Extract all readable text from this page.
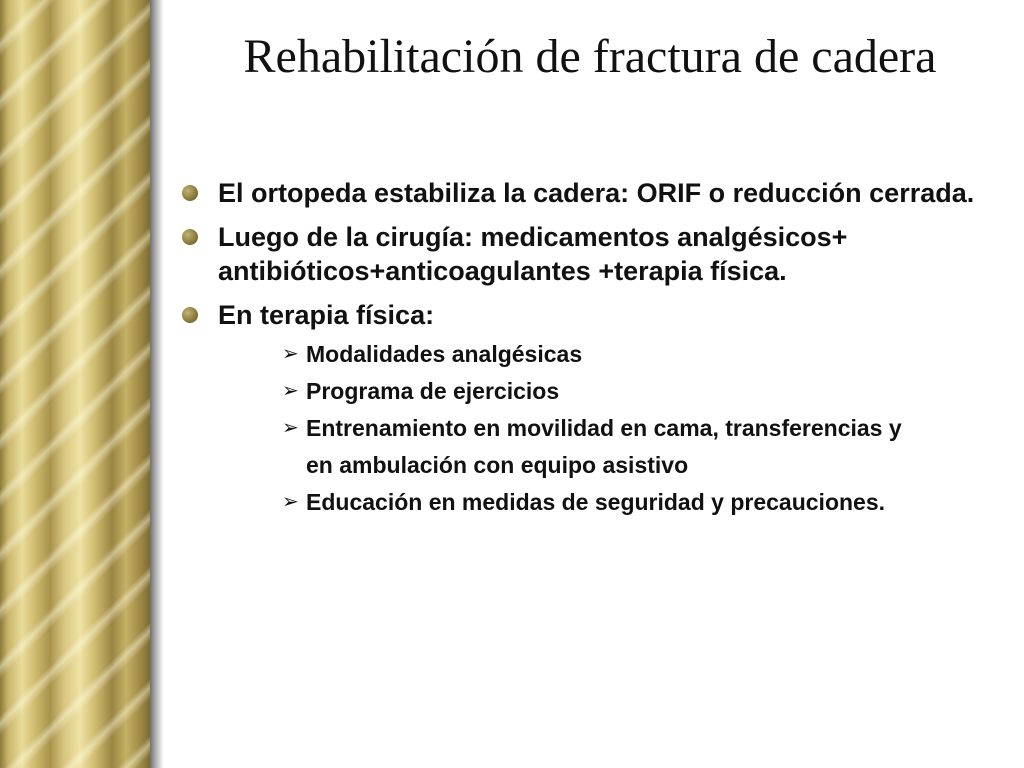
Rehabilitación de fractura de cadera
El ortopeda estabiliza la cadera: ORIF o reducción cerrada.
Luego de la cirugía: medicamentos analgésicos+ antibióticos+anticoagulantes +terapia física.
En terapia física:
➢ Modalidades analgésicas
➢ Programa de ejercicios
➢ Entrenamiento en movilidad en cama, transferencias y en ambulación con equipo asistivo
➢ Educación en medidas de seguridad y precauciones.
